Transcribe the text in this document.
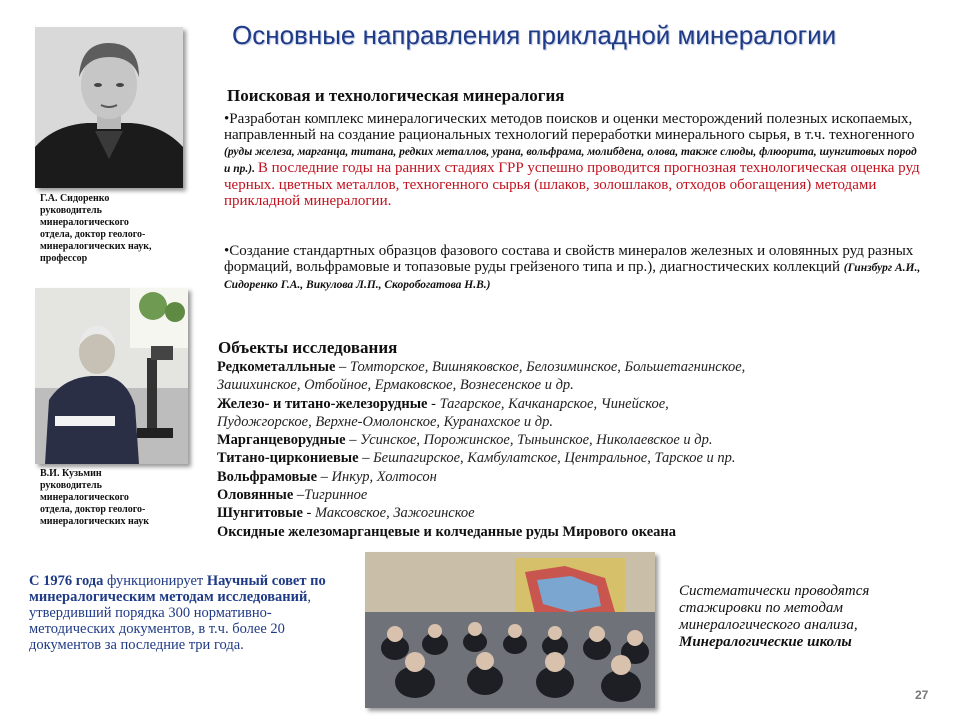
Основные направления прикладной минералогии
Г.А. Сидоренко
руководитель
минералогического
отдела, доктор геолого-
минералогических наук,
профессор
В.И. Кузьмин
руководитель
минералогического
отдела, доктор геолого-
минералогических наук
Поисковая и технологическая минералогия
•Разработан комплекс минералогических методов поисков и оценки месторождений полезных ископаемых, направленный на создание рациональных технологий переработки минерального сырья, в т.ч. техногенного (руды железа, марганца, титана, редких металлов, урана, вольфрама, молибдена, олова, также слюды, флюорита, шунгитовых пород и пр.). В последние годы на ранних стадиях ГРР успешно проводится прогнозная технологическая оценка руд черных. цветных металлов, техногенного сырья (шлаков, золошлаков, отходов обогащения) методами прикладной минералогии.
•Создание стандартных образцов фазового состава и свойств минералов железных и оловянных руд разных формаций, вольфрамовые и топазовые руды грейзеного типа и пр.), диагностических коллекций (Гинзбург А.И., Сидоренко Г.А., Викулова Л.П., Скоробогатова Н.В.)
Объекты исследования
Редкометалльные – Томторское, Вишняковское, Белозиминское, Большетагнинское,
Зашихинское, Отбойное, Ермаковское, Вознесенское и др.
Железо- и титано-железорудные - Тагарское, Качканарское, Чинейское,
Пудожгорское, Верхне-Омолонское, Куранахское и др.
Марганцеворудные – Усинское, Порожинское, Тыньинское, Николаевское и др.
Титано-циркониевые – Бешпагирское, Камбулатское, Центральное, Тарское и пр.
Вольфрамовые – Инкур, Холтосон
Оловянные –Тигринное
Шунгитовые - Максовское, Зажогинское
Оксидные железомарганцевые и колчеданные руды Мирового океана
С 1976 года функционирует Научный совет по минералогическим методам исследований, утвердивший порядка 300 нормативно- методических документов, в т.ч. более 20 документов за последние три года.
Систематически проводятся стажировки по методам минералогического анализа, Минералогические школы
27
